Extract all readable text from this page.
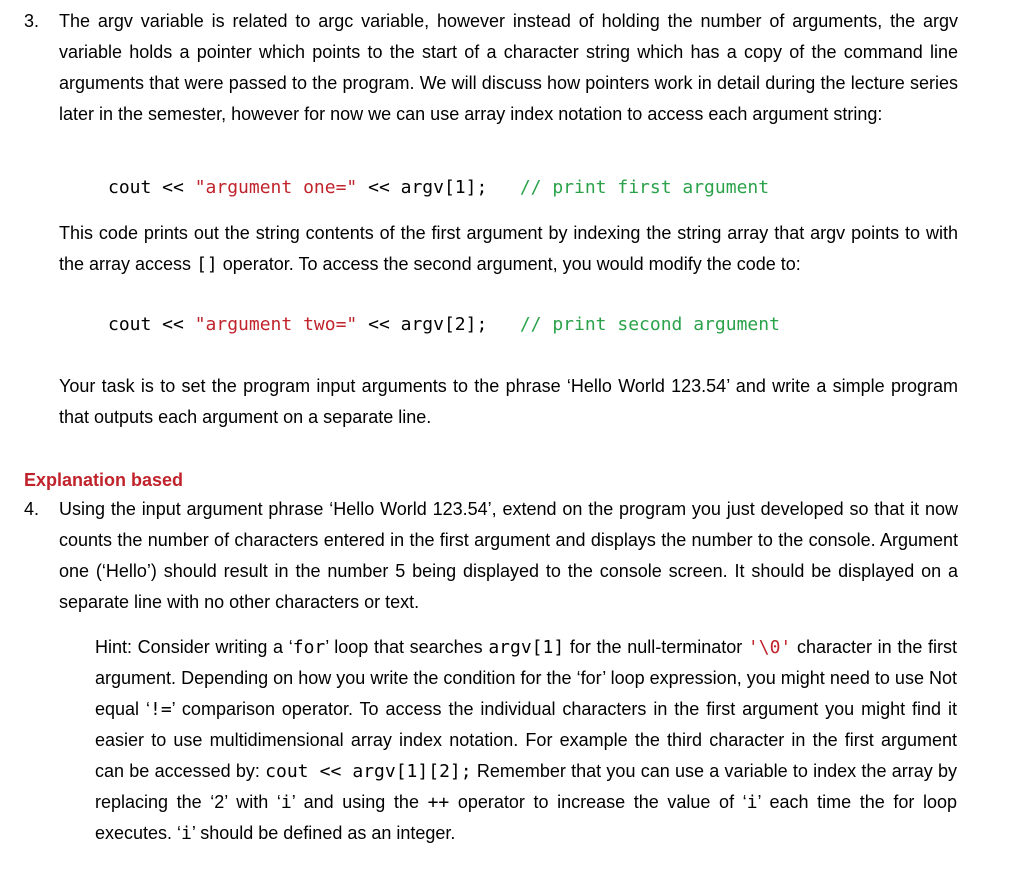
3. The argv variable is related to argc variable, however instead of holding the number of arguments, the argv variable holds a pointer which points to the start of a character string which has a copy of the command line arguments that were passed to the program. We will discuss how pointers work in detail during the lecture series later in the semester, however for now we can use array index notation to access each argument string:
cout << "argument one=" << argv[1];   // print first argument
This code prints out the string contents of the first argument by indexing the string array that argv points to with the array access [] operator. To access the second argument, you would modify the code to:
cout << "argument two=" << argv[2];   // print second argument
Your task is to set the program input arguments to the phrase ‘Hello World 123.54’ and write a simple program that outputs each argument on a separate line.
Explanation based
4. Using the input argument phrase ‘Hello World 123.54’, extend on the program you just developed so that it now counts the number of characters entered in the first argument and displays the number to the console. Argument one (‘Hello’) should result in the number 5 being displayed to the console screen. It should be displayed on a separate line with no other characters or text.
Hint: Consider writing a ‘for’ loop that searches argv[1] for the null-terminator '\0' character in the first argument. Depending on how you write the condition for the ‘for’ loop expression, you might need to use Not equal ‘!=’ comparison operator. To access the individual characters in the first argument you might find it easier to use multidimensional array index notation. For example the third character in the first argument can be accessed by: cout << argv[1][2]; Remember that you can use a variable to index the array by replacing the ‘2’ with ‘i’ and using the ++ operator to increase the value of ‘i’ each time the for loop executes. ‘i’ should be defined as an integer.
